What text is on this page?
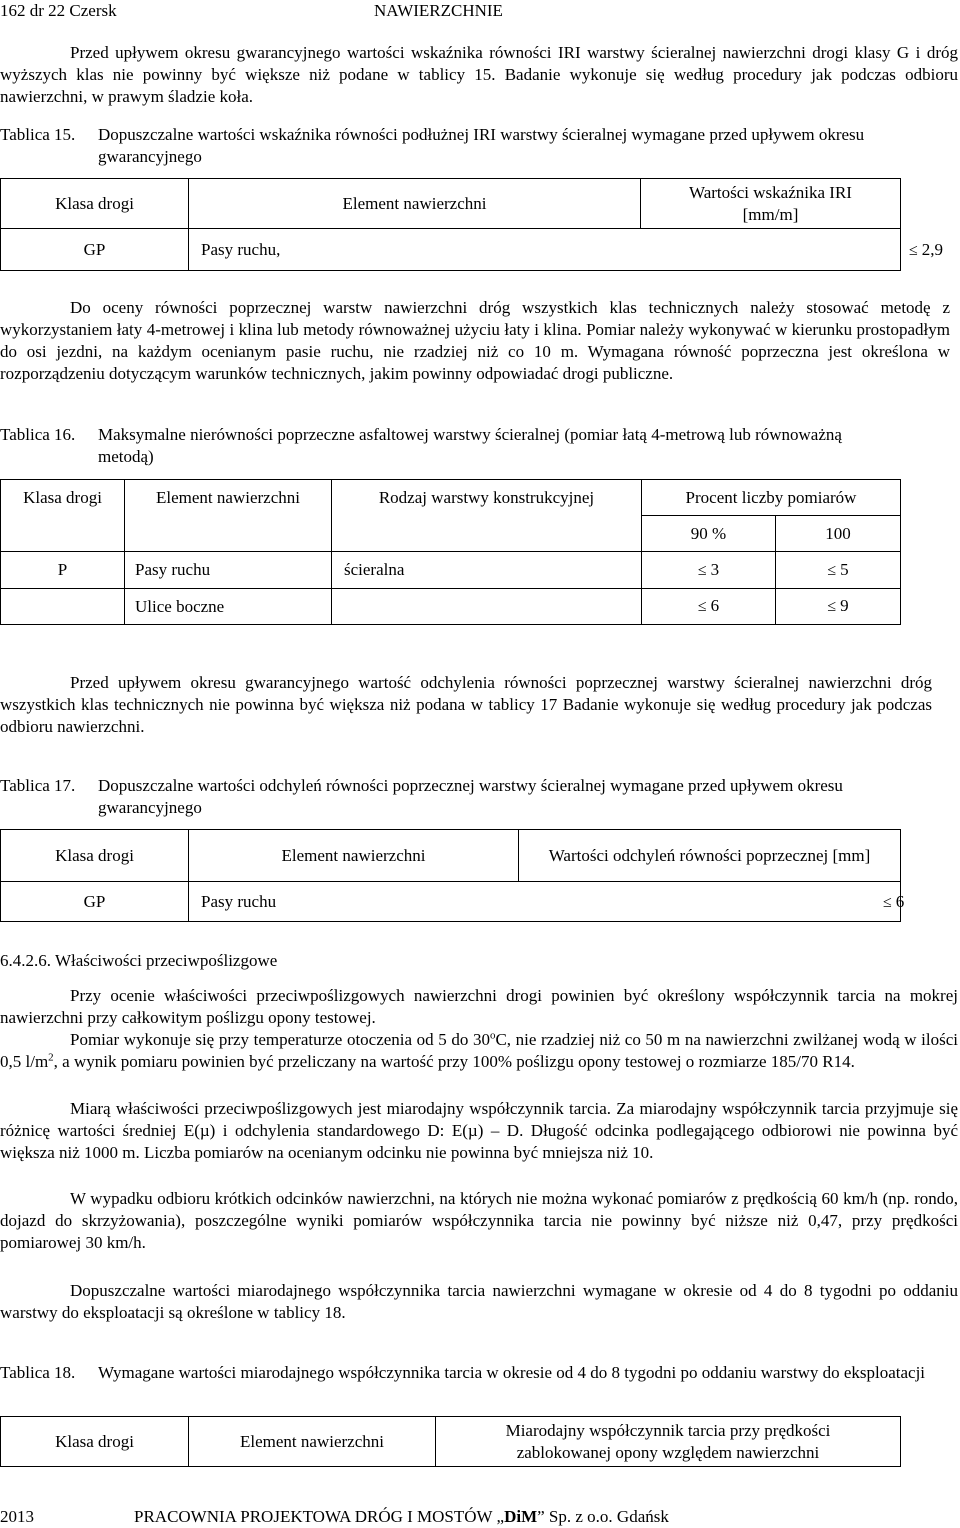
162 dr 22 Czersk	NAWIERZCHNIE
Przed upływem okresu gwarancyjnego wartości wskaźnika równości IRI warstwy ścieralnej nawierzchni drogi klasy G i dróg wyższych klas nie powinny być większe niż podane w tablicy 15. Badanie wykonuje się według procedury jak podczas odbioru nawierzchni, w prawym śladzie koła.
Tablica 15. Dopuszczalne wartości wskaźnika równości podłużnej IRI warstwy ścieralnej wymagane przed upływem okresu gwarancyjnego
Klasa drogi	Element nawierzchni	Wartości wskaźnika IRI [mm/m]
GP	Pasy ruchu, ≤ 2,9
Do oceny równości poprzecznej warstw nawierzchni dróg wszystkich klas technicznych należy stosować metodę z wykorzystaniem łaty 4-metrowej i klina lub metody równoważnej użyciu łaty i klina. Pomiar należy wykonywać w kierunku prostopadłym do osi jezdni, na każdym ocenianym pasie ruchu, nie rzadziej niż co 10 m. Wymagana równość poprzeczna jest określona w rozporządzeniu dotyczącym warunków technicznych, jakim powinny odpowiadać drogi publiczne.
Tablica 16. Maksymalne nierówności poprzeczne asfaltowej warstwy ścieralnej (pomiar łatą 4-metrową lub równoważną metodą)
Klasa drogi	Element nawierzchni	Rodzaj warstwy konstrukcyjnej	Procent liczby pomiarów	
			90 %	100
P	Pasy ruchu	ścieralna	≤ 3	≤ 5
	Ulice boczne		≤ 6	≤ 9
Przed upływem okresu gwarancyjnego wartość odchylenia równości poprzecznej warstwy ścieralnej nawierzchni dróg wszystkich klas technicznych nie powinna być większa niż podana w tablicy 17 Badanie wykonuje się według procedury jak podczas odbioru nawierzchni.
Tablica 17. Dopuszczalne wartości odchyleń równości poprzecznej warstwy ścieralnej wymagane przed upływem okresu gwarancyjnego
Klasa drogi	Element nawierzchni	Wartości odchyleń równości poprzecznej [mm]
GP	Pasy ruchu ≤ 6
6.4.2.6. Właściwości przeciwpoślizgowe
Przy ocenie właściwości przeciwpoślizgowych nawierzchni drogi powinien być określony współczynnik tarcia na mokrej nawierzchni przy całkowitym poślizgu opony testowej.
Pomiar wykonuje się przy temperaturze otoczenia od 5 do 30$^o$C, nie rzadziej niż co 50 m na nawierzchni zwilżanej wodą w ilości 0,5 $l/m^2$, a wynik pomiaru powinien być przeliczany na wartość przy 100% poślizgu opony testowej o rozmiarze 185/70 R14.
Miarą właściwości przeciwpoślizgowych jest miarodajny współczynnik tarcia. Za miarodajny współczynnik tarcia przyjmuje się różnicę wartości średniej E(µ) i odchylenia standardowego D: E(µ) – D. Długość odcinka podlegającego odbiorowi nie powinna być większa niż 1000 m. Liczba pomiarów na ocenianym odcinku nie powinna być mniejsza niż 10.
W wypadku odbioru krótkich odcinków nawierzchni, na których nie można wykonać pomiarów z prędkością 60 km/h (np. rondo, dojazd do skrzyżowania), poszczególne wyniki pomiarów współczynnika tarcia nie powinny być niższe niż 0,47, przy prędkości pomiarowej 30 km/h.
Dopuszczalne wartości miarodajnego współczynnika tarcia nawierzchni wymagane w okresie od 4 do 8 tygodni po oddaniu warstwy do eksploatacji są określone w tablicy 18.
Tablica 18. Wymagane wartości miarodajnego współczynnika tarcia w okresie od 4 do 8 tygodni po oddaniu warstwy do eksploatacji
Klasa drogi	Element nawierzchni	Miarodajny współczynnik tarcia przy prędkości zablokowanej opony względem nawierzchni
2013	PRACOWNIA PROJEKTOWA DRÓG I MOSTÓW „DiM” Sp. z o.o. Gdańsk
